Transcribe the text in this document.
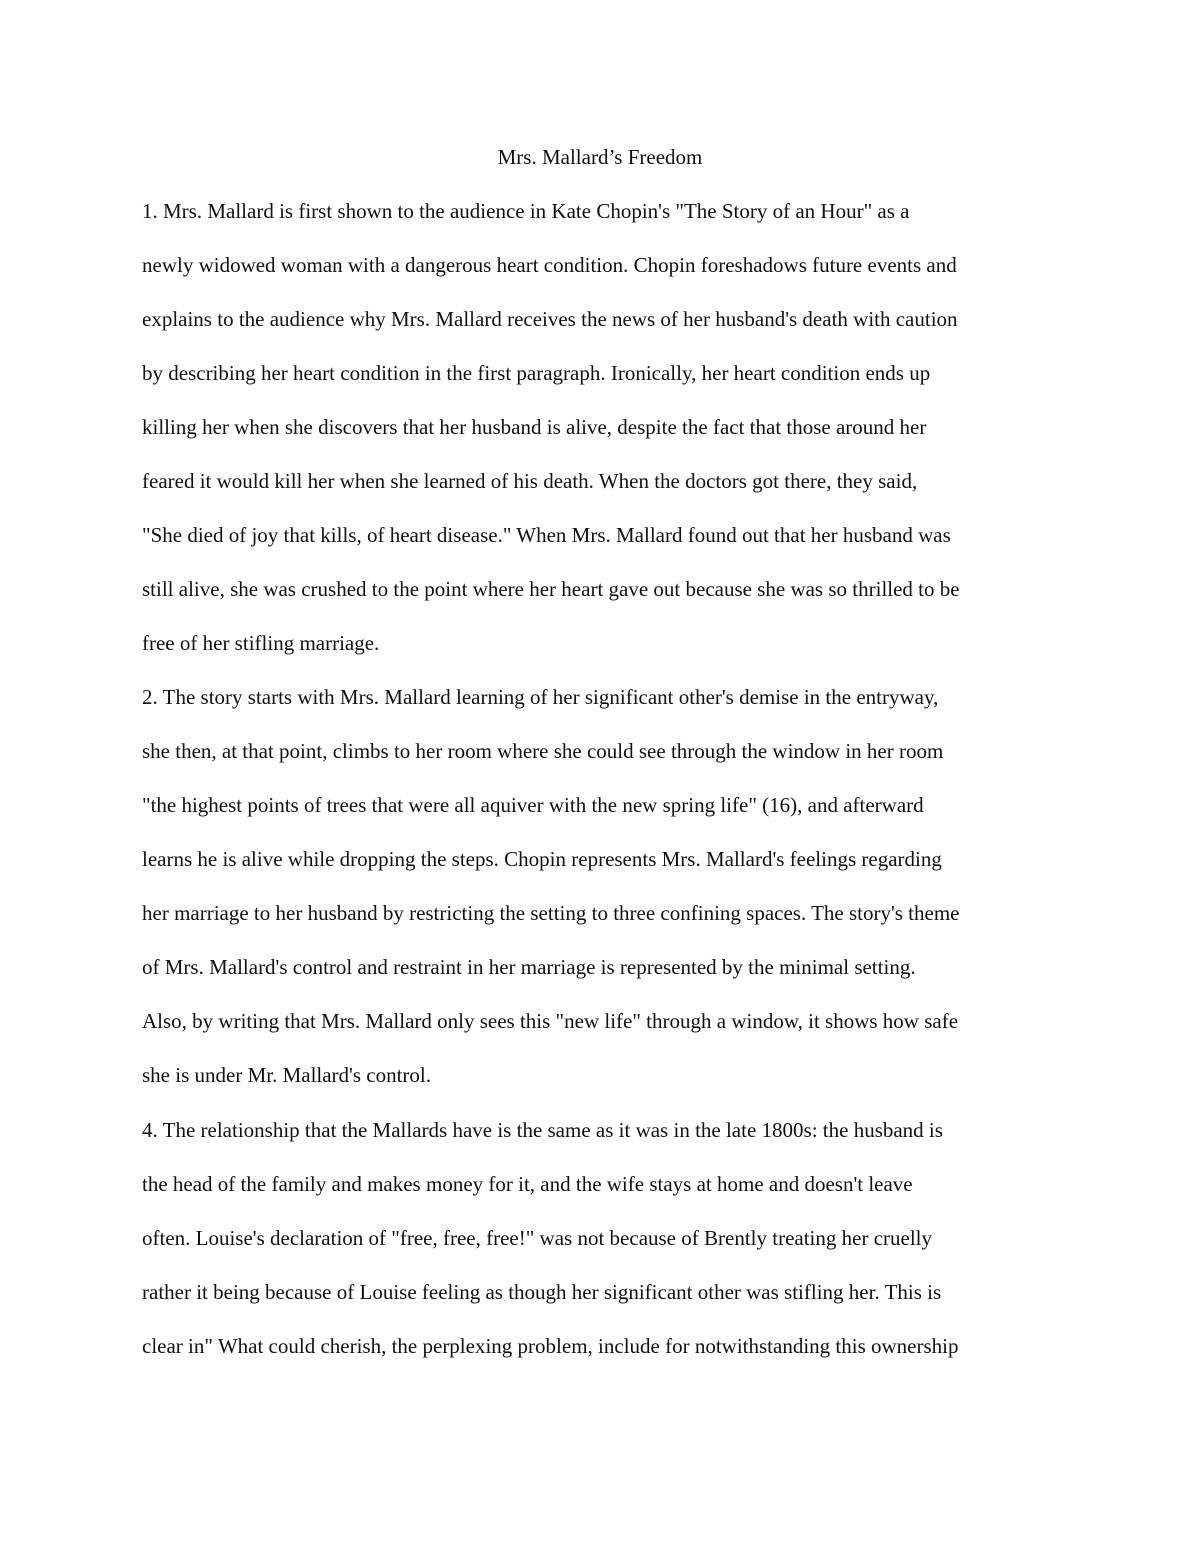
Mrs. Mallard’s Freedom
1. Mrs. Mallard is first shown to the audience in Kate Chopin's "The Story of an Hour" as a
newly widowed woman with a dangerous heart condition. Chopin foreshadows future events and
explains to the audience why Mrs. Mallard receives the news of her husband's death with caution
by describing her heart condition in the first paragraph. Ironically, her heart condition ends up
killing her when she discovers that her husband is alive, despite the fact that those around her
feared it would kill her when she learned of his death. When the doctors got there, they said,
"She died of joy that kills, of heart disease." When Mrs. Mallard found out that her husband was
still alive, she was crushed to the point where her heart gave out because she was so thrilled to be
free of her stifling marriage.
2. The story starts with Mrs. Mallard learning of her significant other's demise in the entryway,
she then, at that point, climbs to her room where she could see through the window in her room
"the highest points of trees that were all aquiver with the new spring life" (16), and afterward
learns he is alive while dropping the steps. Chopin represents Mrs. Mallard's feelings regarding
her marriage to her husband by restricting the setting to three confining spaces. The story's theme
of Mrs. Mallard's control and restraint in her marriage is represented by the minimal setting.
Also, by writing that Mrs. Mallard only sees this "new life" through a window, it shows how safe
she is under Mr. Mallard's control.
4. The relationship that the Mallards have is the same as it was in the late 1800s: the husband is
the head of the family and makes money for it, and the wife stays at home and doesn't leave
often. Louise's declaration of "free, free, free!" was not because of Brently treating her cruelly
rather it being because of Louise feeling as though her significant other was stifling her. This is
clear in" What could cherish, the perplexing problem, include for notwithstanding this ownership
